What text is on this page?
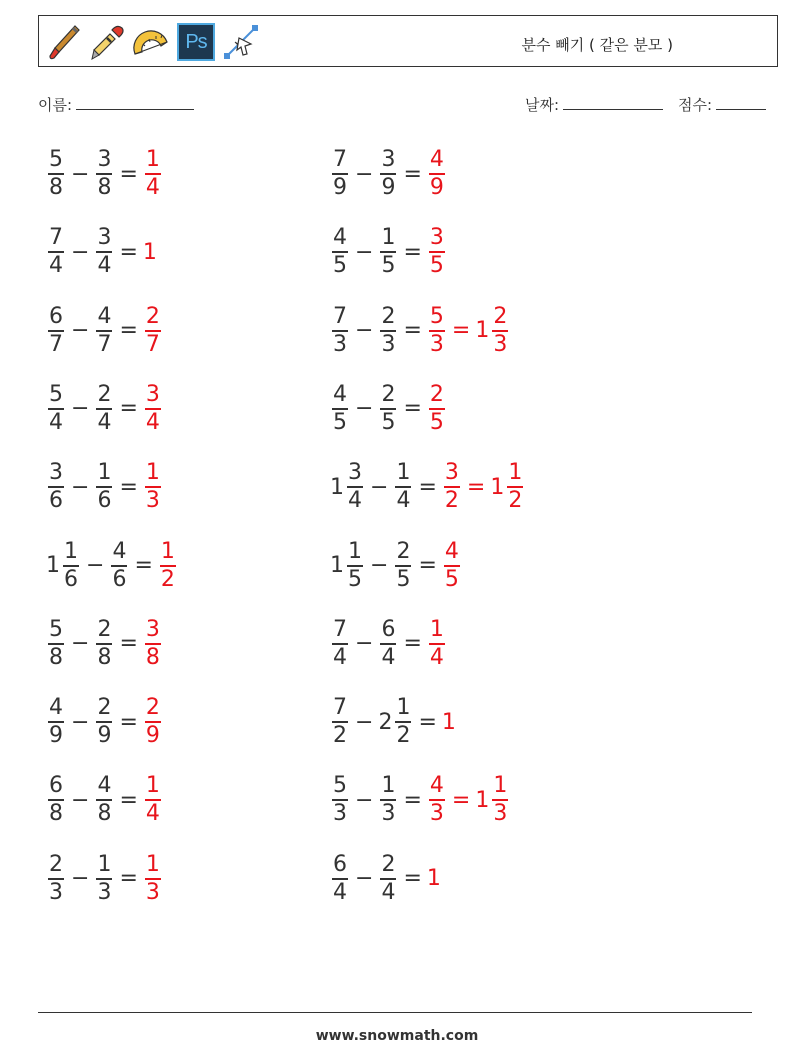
Ps	분수 빼기 ( 같은 분모 )
이름:	날짜:	점수:
$\frac{5}{8} - \frac{3}{8} = \frac{1}{4}$	$\frac{7}{9} - \frac{3}{9} = \frac{4}{9}$
$\frac{7}{4} - \frac{3}{4} = 1$	$\frac{4}{5} - \frac{1}{5} = \frac{3}{5}$
$\frac{6}{7} - \frac{4}{7} = \frac{2}{7}$	$\frac{7}{3} - \frac{2}{3} = \frac{5}{3} = 1 \frac{2}{3}$
$\frac{5}{4} - \frac{2}{4} = \frac{3}{4}$	$\frac{4}{5} - \frac{2}{5} = \frac{2}{5}$
$\frac{3}{6} - \frac{1}{6} = \frac{1}{3}$	$1 \frac{3}{4} - \frac{1}{4} = \frac{3}{2} = 1 \frac{1}{2}$
$1 \frac{1}{6} - \frac{4}{6} = \frac{1}{2}$	$1 \frac{1}{5} - \frac{2}{5} = \frac{4}{5}$
$\frac{5}{8} - \frac{2}{8} = \frac{3}{8}$	$\frac{7}{4} - \frac{6}{4} = \frac{1}{4}$
$\frac{4}{9} - \frac{2}{9} = \frac{2}{9}$	$\frac{7}{2} - 2 \frac{1}{2} = 1$
$\frac{6}{8} - \frac{4}{8} = \frac{1}{4}$	$\frac{5}{3} - \frac{1}{3} = \frac{4}{3} = 1 \frac{1}{3}$
$\frac{2}{3} - \frac{1}{3} = \frac{1}{3}$	$\frac{6}{4} - \frac{2}{4} = 1$
www.snowmath.com
